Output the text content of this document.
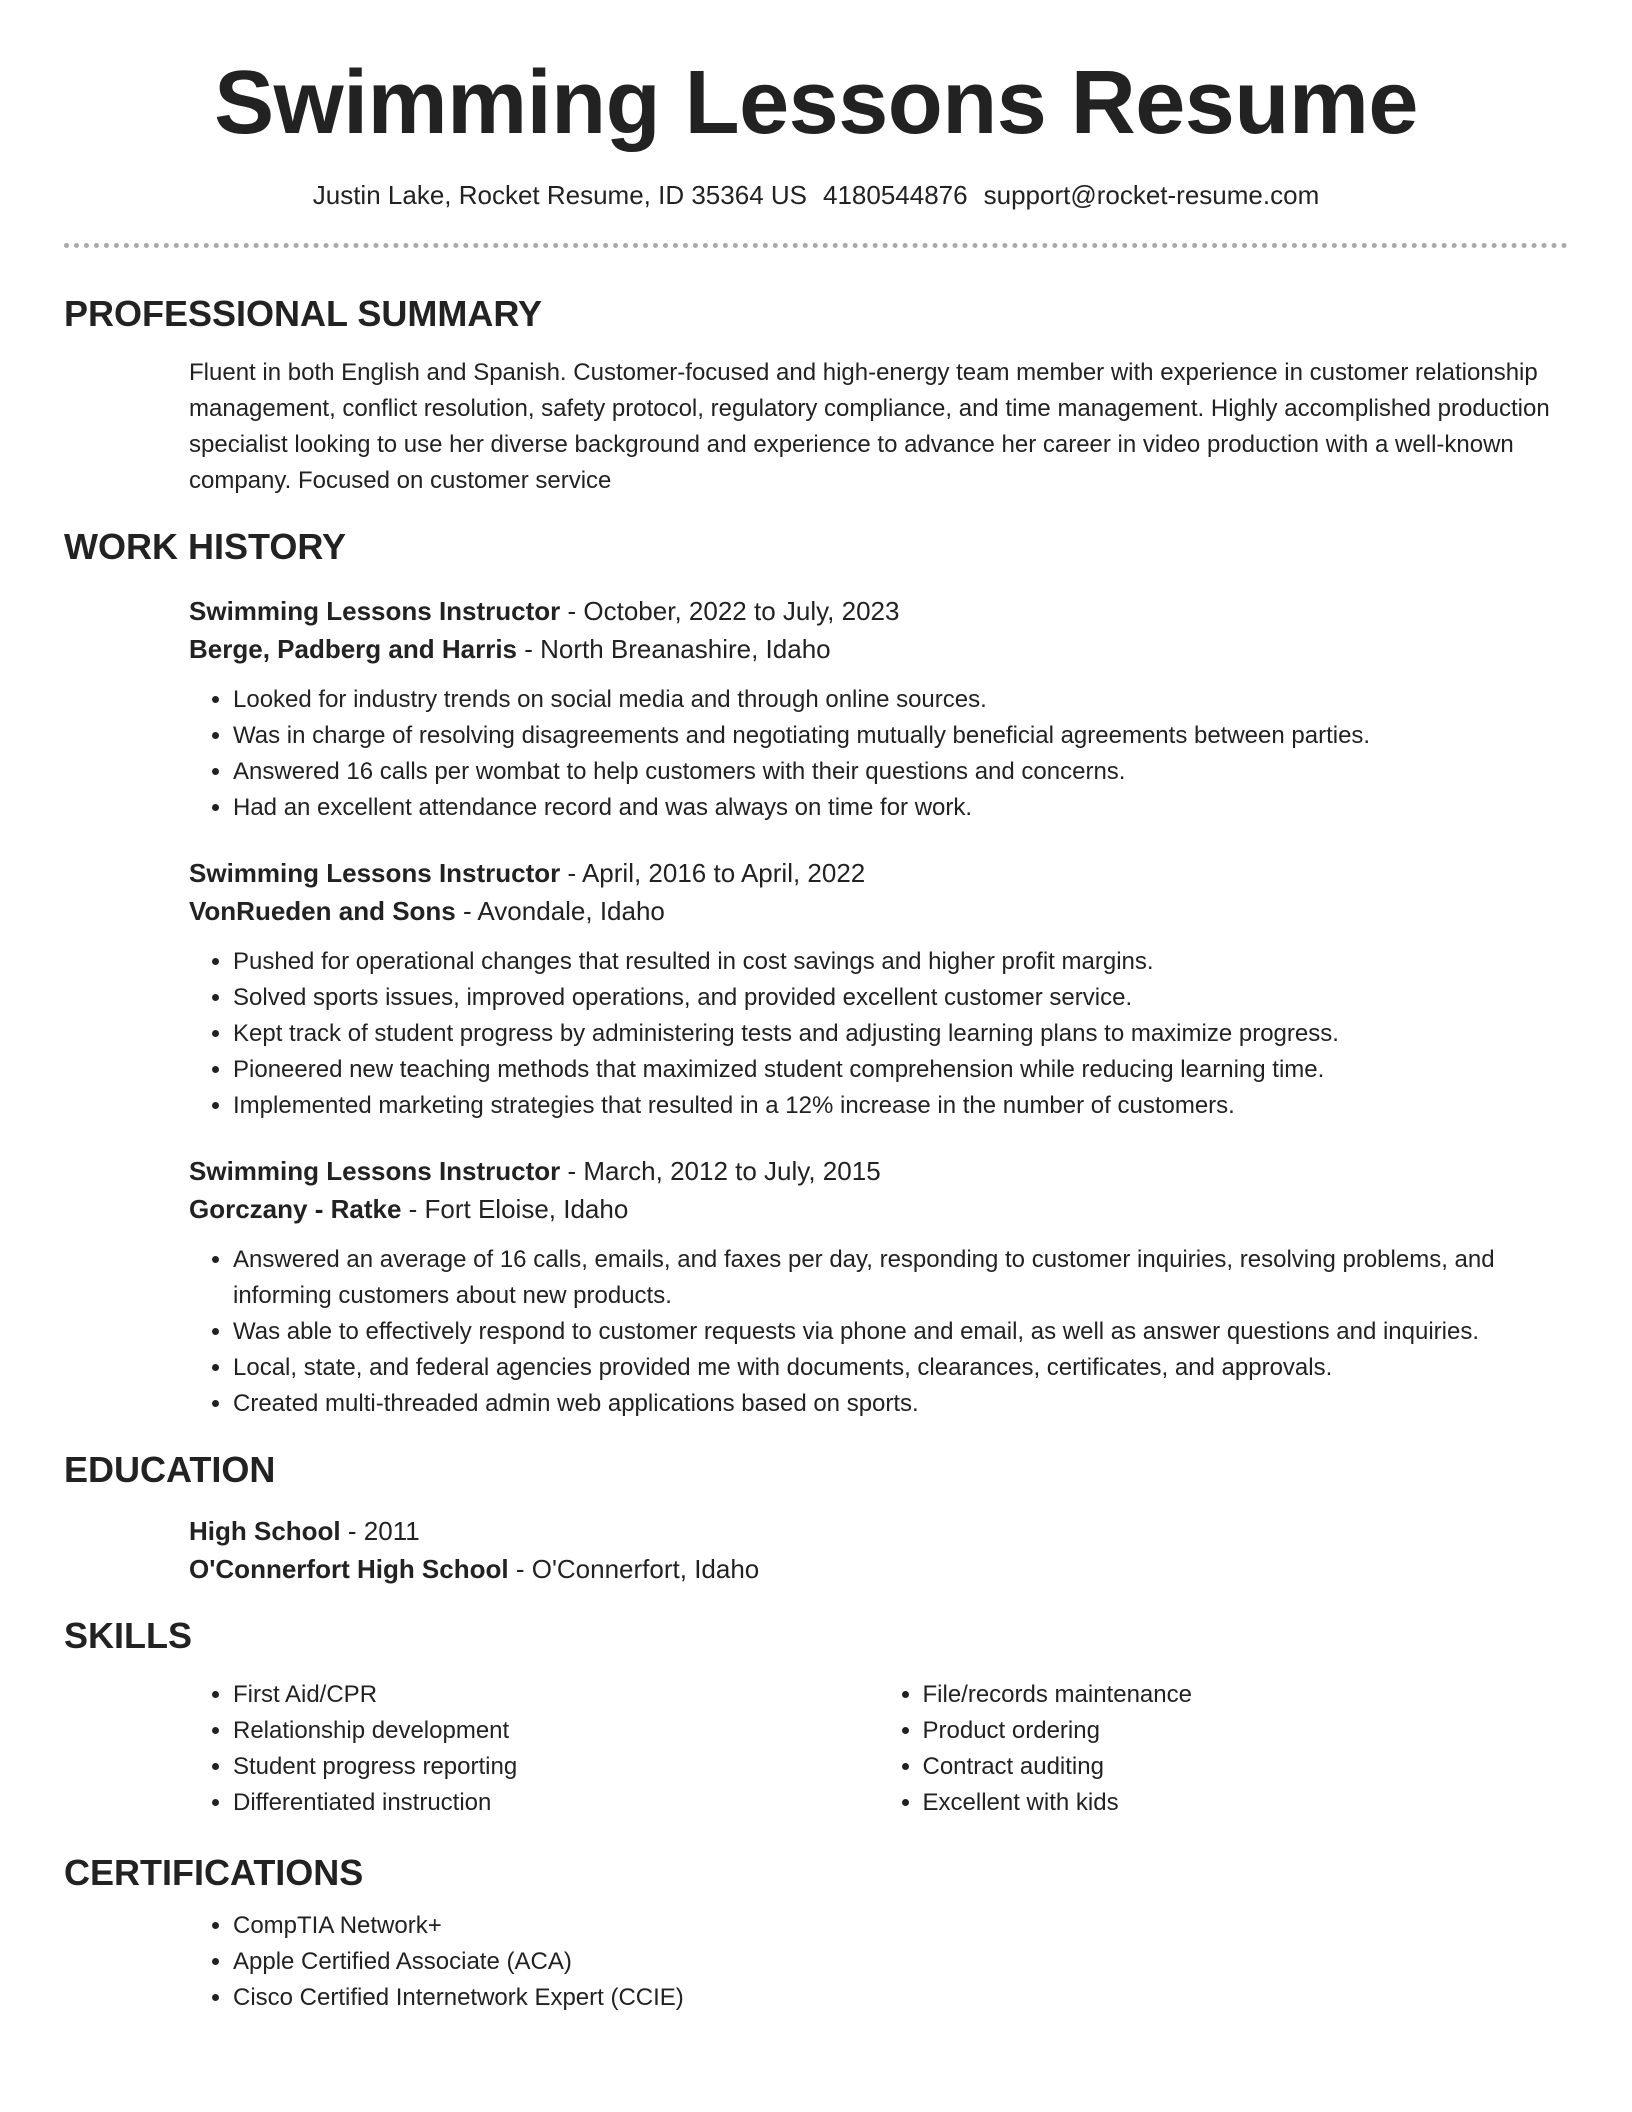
Swimming Lessons Resume
Justin Lake, Rocket Resume, ID 35364 US 4180544876 support@rocket-resume.com
PROFESSIONAL SUMMARY

Fluent in both English and Spanish. Customer-focused and high-energy team member with experience in customer relationship management, conflict resolution, safety protocol, regulatory compliance, and time management. Highly accomplished production specialist looking to use her diverse background and experience to advance her career in video production with a well-known company. Focused on customer service

WORK HISTORY
Swimming Lessons Instructor - October, 2022 to July, 2023
Berge, Padberg and Harris - North Breanashire, Idaho
• Looked for industry trends on social media and through online sources.
• Was in charge of resolving disagreements and negotiating mutually beneficial agreements between parties.
• Answered 16 calls per wombat to help customers with their questions and concerns.
• Had an excellent attendance record and was always on time for work.
Swimming Lessons Instructor - April, 2016 to April, 2022
VonRueden and Sons - Avondale, Idaho
• Pushed for operational changes that resulted in cost savings and higher profit margins.
• Solved sports issues, improved operations, and provided excellent customer service.
• Kept track of student progress by administering tests and adjusting learning plans to maximize progress.
• Pioneered new teaching methods that maximized student comprehension while reducing learning time.
• Implemented marketing strategies that resulted in a 12% increase in the number of customers.
Swimming Lessons Instructor - March, 2012 to July, 2015
Gorczany - Ratke - Fort Eloise, Idaho
• Answered an average of 16 calls, emails, and faxes per day, responding to customer inquiries, resolving problems, and informing customers about new products.
• Was able to effectively respond to customer requests via phone and email, as well as answer questions and inquiries.
• Local, state, and federal agencies provided me with documents, clearances, certificates, and approvals.
• Created multi-threaded admin web applications based on sports.
EDUCATION
High School - 2011
O'Connerfort High School - O'Connerfort, Idaho
SKILLS
• First Aid/CPR
• Relationship development
• Student progress reporting
• Differentiated instruction
• File/records maintenance
• Product ordering
• Contract auditing
• Excellent with kids
CERTIFICATIONS
• CompTIA Network+
• Apple Certified Associate (ACA)
• Cisco Certified Internetwork Expert (CCIE)
